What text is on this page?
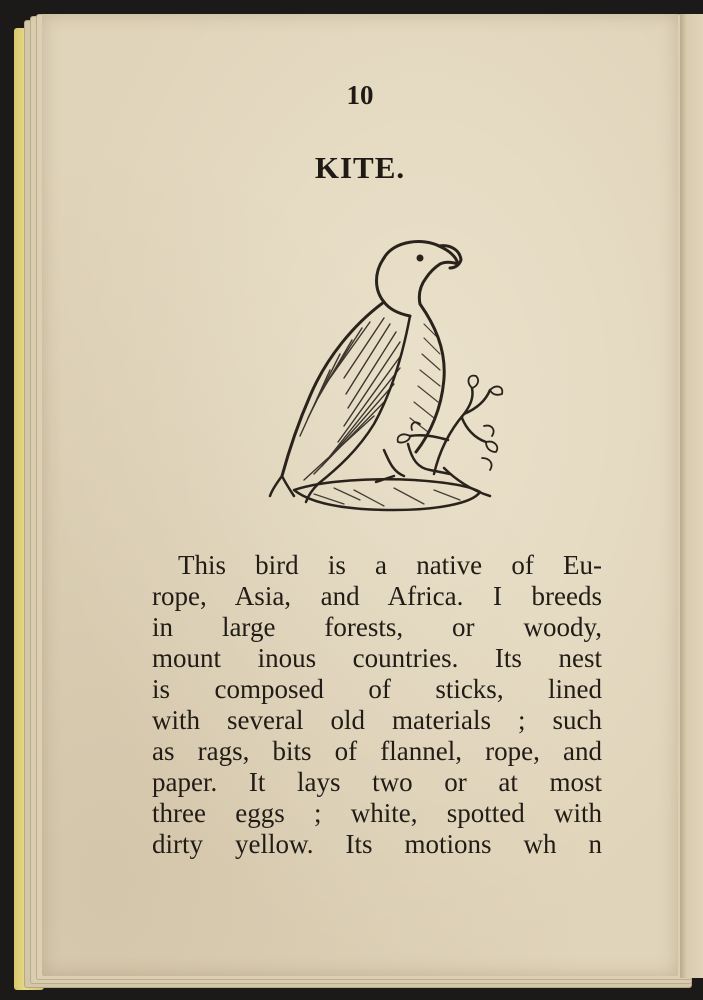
10
KITE.
This bird is a native of Eu-
rope, Asia, and Africa. I breeds
in large forests, or woody,
mount inous countries. Its nest
is composed of sticks, lined
with several old materials ; such
as rags, bits of flannel, rope, and
paper. It lays two or at most
three eggs ; white, spotted with
dirty yellow. Its motions wh n
